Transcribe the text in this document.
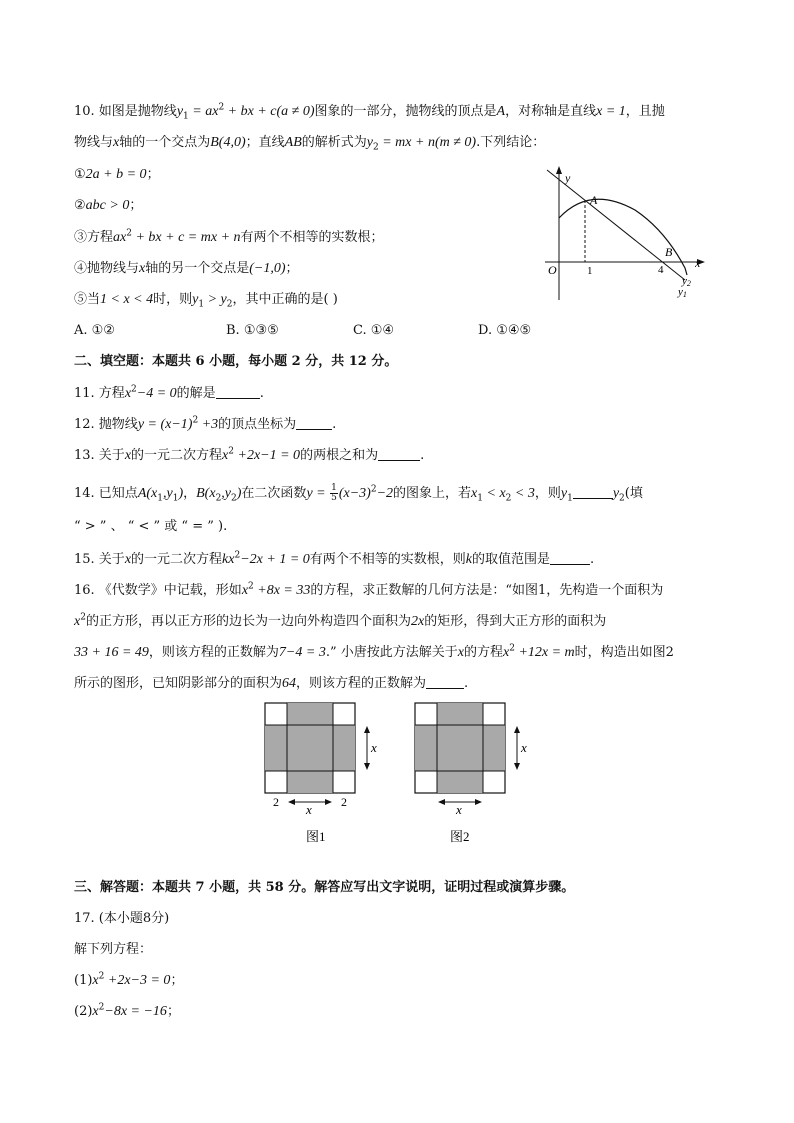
10. 如图是抛物线$y_1 = ax^2$ + bx + c(a ≠ 0)图象的一部分，抛物线的顶点是A，对称轴是直线x = 1，且抛
物线与x轴的一个交点为B(4,0)；直线AB的解析式为$y_2$ = mx + n(m ≠ 0).下列结论：
①2a + b = 0；
②abc > 0；
③方程$ax^2$ + bx + c = mx + n有两个不相等的实数根；
④抛物线与x轴的另一个交点是(−1,0)；
⑤当1 < x < 4时，则$y_1 > y_2$，其中正确的是( )
A. ①②	B. ①③⑤	C. ①④	D. ①④⑤
y
x
O	1	4
A
B
y2
y1
二、填空题：本题共 6 小题，每小题 2 分，共 12 分。
11. 方程$x^2-4 = 0$的解是	.
12. 抛物线$y = (x-1)^2 +3$的顶点坐标为	.
13. 关于x的一元二次方程$x^2 +2x-1 = 0$的两根之和为	.
14. 已知点$A(x_1,y_1)$，$B(x_2,y_2)$在二次函数$y = \frac{1}{5} (x-3)^2-2$的图象上，若$x_1 < x_2 < 3$，则$y_1$	$y_2$(填
“ > ” 、 “ < ” 或 “ = ” ).
15. 关于x的一元二次方程$kx^2-2x + 1 = 0$有两个不相等的实数根，则k的取值范围是	.
16. 《代数学》中记载，形如$x^2 +8x = 33$的方程，求正数解的几何方法是：“如图1，先构造一个面积为
$x^2$的正方形，再以正方形的边长为一边向外构造四个面积为2x的矩形，得到大正方形的面积为
33 + 16 = 49，则该方程的正数解为7−4 = 3.” 小唐按此方法解关于x的方程$x^2 +12x = m$时，构造出如图2
所示的图形，已知阴影部分的面积为64，则该方程的正数解为	.
x
x
2	2
图1
x
x
图2
三、解答题：本题共 7 小题，共 58 分。解答应写出文字说明，证明过程或演算步骤。
17. (本小题8分)
解下列方程：
$(1)x^2 +2x-3 = 0$；
$(2)x^2-8x = -16$；
